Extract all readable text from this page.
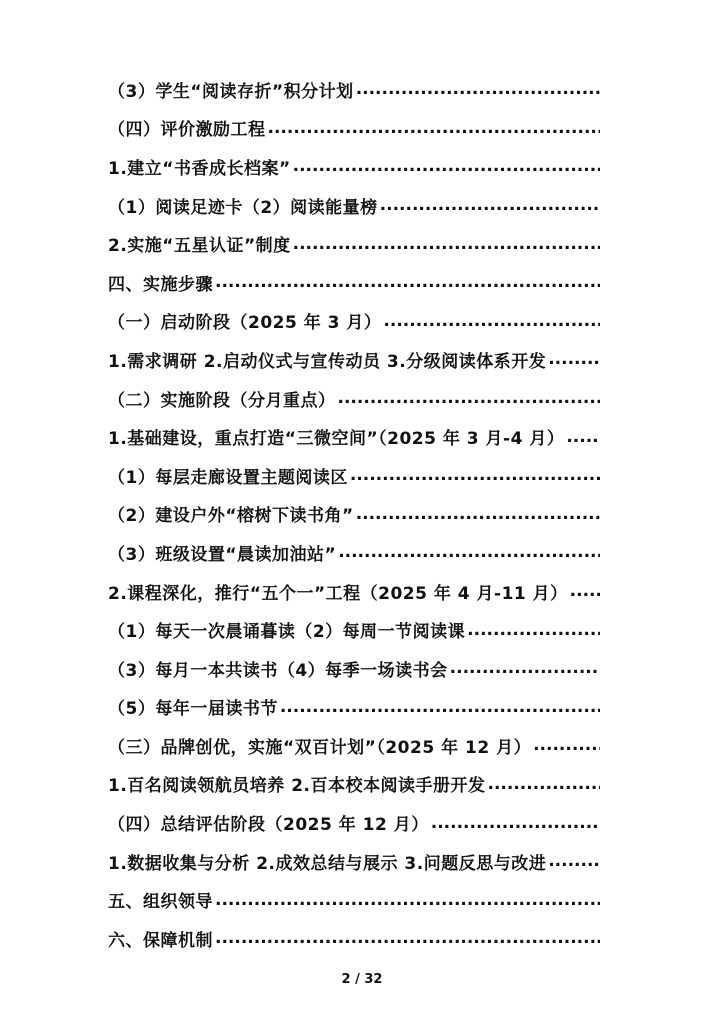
（3）学生“阅读存折”积分计划
.....
（四）评价激励工程
.....
1.建立“书香成长档案”
.....
（1）阅读足迹卡（2）阅读能量榜
.....
2.实施“五星认证”制度
.....
四、实施步骤
.....
（一）启动阶段（2025 年 3 月）
.....
1.需求调研 2.启动仪式与宣传动员 3.分级阅读体系开发
.....
（二）实施阶段（分月重点）
.....
1.基础建设，重点打造“三微空间”（2025 年 3 月-4 月）
.....
（1）每层走廊设置主题阅读区
.....
（2）建设户外“榕树下读书角”
.....
（3）班级设置“晨读加油站”
.....
2.课程深化，推行“五个一”工程（2025 年 4 月-11 月）
.....
（1）每天一次晨诵暮读（2）每周一节阅读课
.....
（3）每月一本共读书（4）每季一场读书会
.....
（5）每年一届读书节
.....
（三）品牌创优，实施“双百计划”（2025 年 12 月）
.....
1.百名阅读领航员培养 2.百本校本阅读手册开发
.....
（四）总结评估阶段（2025 年 12 月）
.....
1.数据收集与分析 2.成效总结与展示 3.问题反思与改进
.....
五、组织领导
.....
六、保障机制
.....
2 / 32
